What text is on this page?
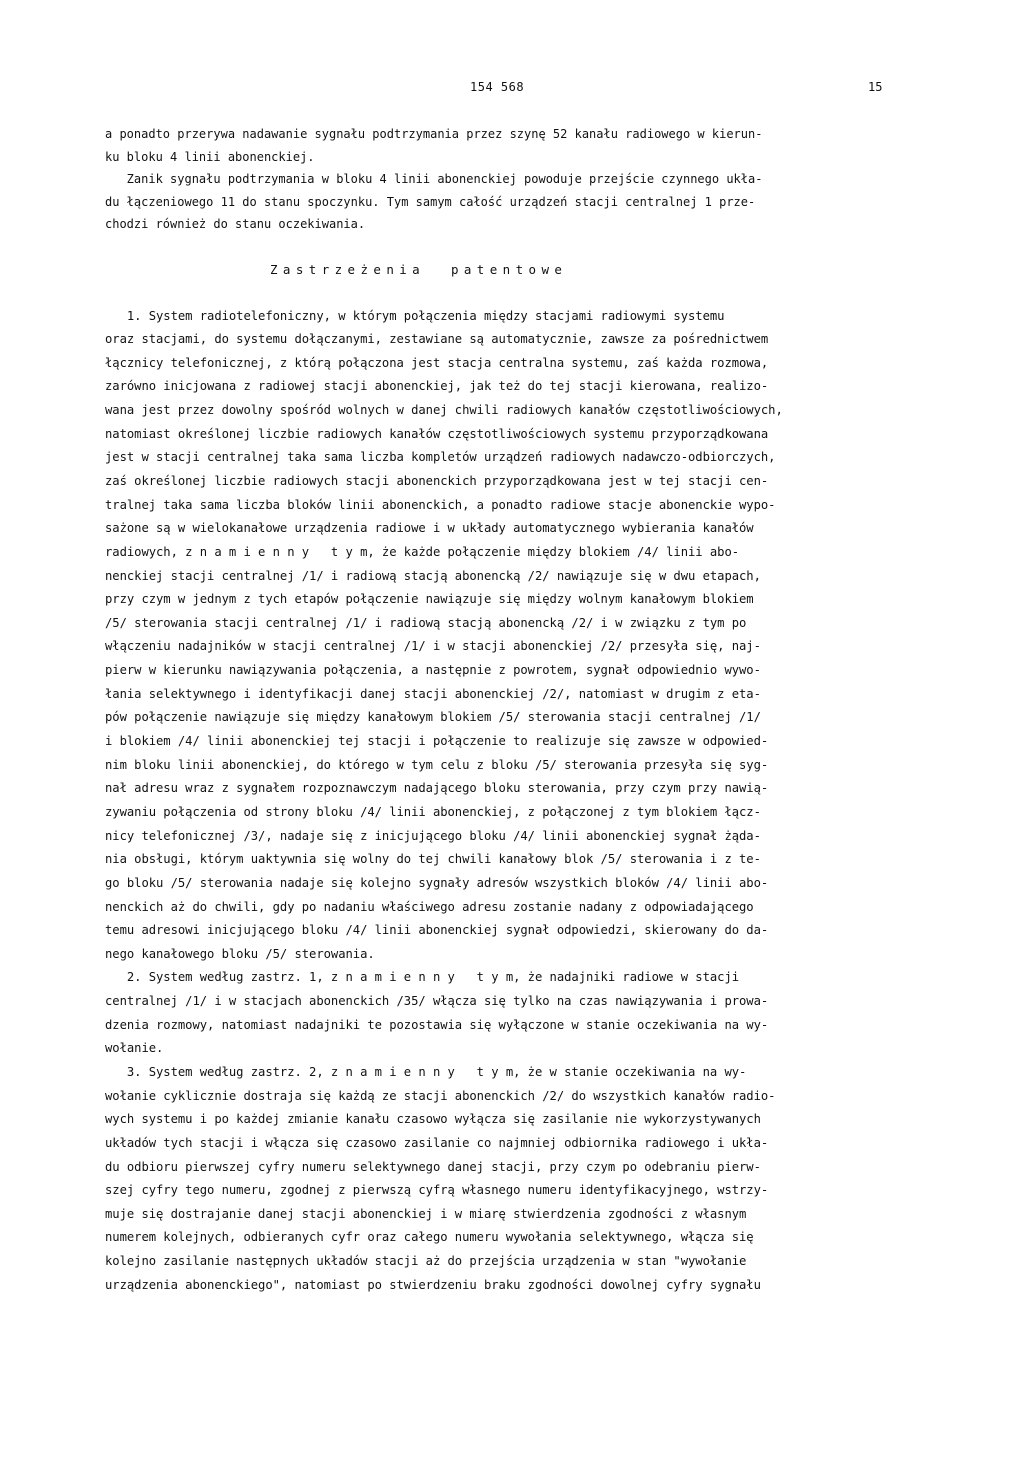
154 568	15
a ponadto przerywa nadawanie sygnału podtrzymania przez szynę 52 kanału radiowego w kierun-
ku bloku 4 linii abonenckiej.
Zanik sygnału podtrzymania w bloku 4 linii abonenckiej powoduje przejście czynnego ukła-
du łączeniowego 11 do stanu spoczynku. Tym samym całość urządzeń stacji centralnej 1 prze-
chodzi również do stanu oczekiwania.
Zastrzeżenia  patentowe
1. System radiotelefoniczny, w którym połączenia między stacjami radiowymi systemu
oraz stacjami, do systemu dołączanymi, zestawiane są automatycznie, zawsze za pośrednictwem
łącznicy telefonicznej, z którą połączona jest stacja centralna systemu, zaś każda rozmowa,
zarówno inicjowana z radiowej stacji abonenckiej, jak też do tej stacji kierowana, realizo-
wana jest przez dowolny spośród wolnych w danej chwili radiowych kanałów częstotliwościowych,
natomiast określonej liczbie radiowych kanałów częstotliwościowych systemu przyporządkowana
jest w stacji centralnej taka sama liczba kompletów urządzeń radiowych nadawczo-odbiorczych,
zaś określonej liczbie radiowych stacji abonenckich przyporządkowana jest w tej stacji cen-
tralnej taka sama liczba bloków linii abonenckich, a ponadto radiowe stacje abonenckie wypo-
sażone są w wielokanałowe urządzenia radiowe i w układy automatycznego wybierania kanałów
radiowych, z n a m i e n n y   t y m, że każde połączenie między blokiem /4/ linii abo-
nenckiej stacji centralnej /1/ i radiową stacją abonencką /2/ nawiązuje się w dwu etapach,
przy czym w jednym z tych etapów połączenie nawiązuje się między wolnym kanałowym blokiem
/5/ sterowania stacji centralnej /1/ i radiową stacją abonencką /2/ i w związku z tym po
włączeniu nadajników w stacji centralnej /1/ i w stacji abonenckiej /2/ przesyła się, naj-
pierw w kierunku nawiązywania połączenia, a następnie z powrotem, sygnał odpowiednio wywo-
łania selektywnego i identyfikacji danej stacji abonenckiej /2/, natomiast w drugim z eta-
pów połączenie nawiązuje się między kanałowym blokiem /5/ sterowania stacji centralnej /1/
i blokiem /4/ linii abonenckiej tej stacji i połączenie to realizuje się zawsze w odpowied-
nim bloku linii abonenckiej, do którego w tym celu z bloku /5/ sterowania przesyła się syg-
nał adresu wraz z sygnałem rozpoznawczym nadającego bloku sterowania, przy czym przy nawią-
zywaniu połączenia od strony bloku /4/ linii abonenckiej, z połączonej z tym blokiem łącz-
nicy telefonicznej /3/, nadaje się z inicjującego bloku /4/ linii abonenckiej sygnał żąda-
nia obsługi, którym uaktywnia się wolny do tej chwili kanałowy blok /5/ sterowania i z te-
go bloku /5/ sterowania nadaje się kolejno sygnały adresów wszystkich bloków /4/ linii abo-
nenckich aż do chwili, gdy po nadaniu właściwego adresu zostanie nadany z odpowiadającego
temu adresowi inicjującego bloku /4/ linii abonenckiej sygnał odpowiedzi, skierowany do da-
nego kanałowego bloku /5/ sterowania.
2. System według zastrz. 1, z n a m i e n n y   t y m, że nadajniki radiowe w stacji
centralnej /1/ i w stacjach abonenckich /35/ włącza się tylko na czas nawiązywania i prowa-
dzenia rozmowy, natomiast nadajniki te pozostawia się wyłączone w stanie oczekiwania na wy-
wołanie.
3. System według zastrz. 2, z n a m i e n n y   t y m, że w stanie oczekiwania na wy-
wołanie cyklicznie dostraja się każdą ze stacji abonenckich /2/ do wszystkich kanałów radio-
wych systemu i po każdej zmianie kanału czasowo wyłącza się zasilanie nie wykorzystywanych
układów tych stacji i włącza się czasowo zasilanie co najmniej odbiornika radiowego i ukła-
du odbioru pierwszej cyfry numeru selektywnego danej stacji, przy czym po odebraniu pierw-
szej cyfry tego numeru, zgodnej z pierwszą cyfrą własnego numeru identyfikacyjnego, wstrzy-
muje się dostrajanie danej stacji abonenckiej i w miarę stwierdzenia zgodności z własnym
numerem kolejnych, odbieranych cyfr oraz całego numeru wywołania selektywnego, włącza się
kolejno zasilanie następnych układów stacji aż do przejścia urządzenia w stan "wywołanie
urządzenia abonenckiego", natomiast po stwierdzeniu braku zgodności dowolnej cyfry sygnału
